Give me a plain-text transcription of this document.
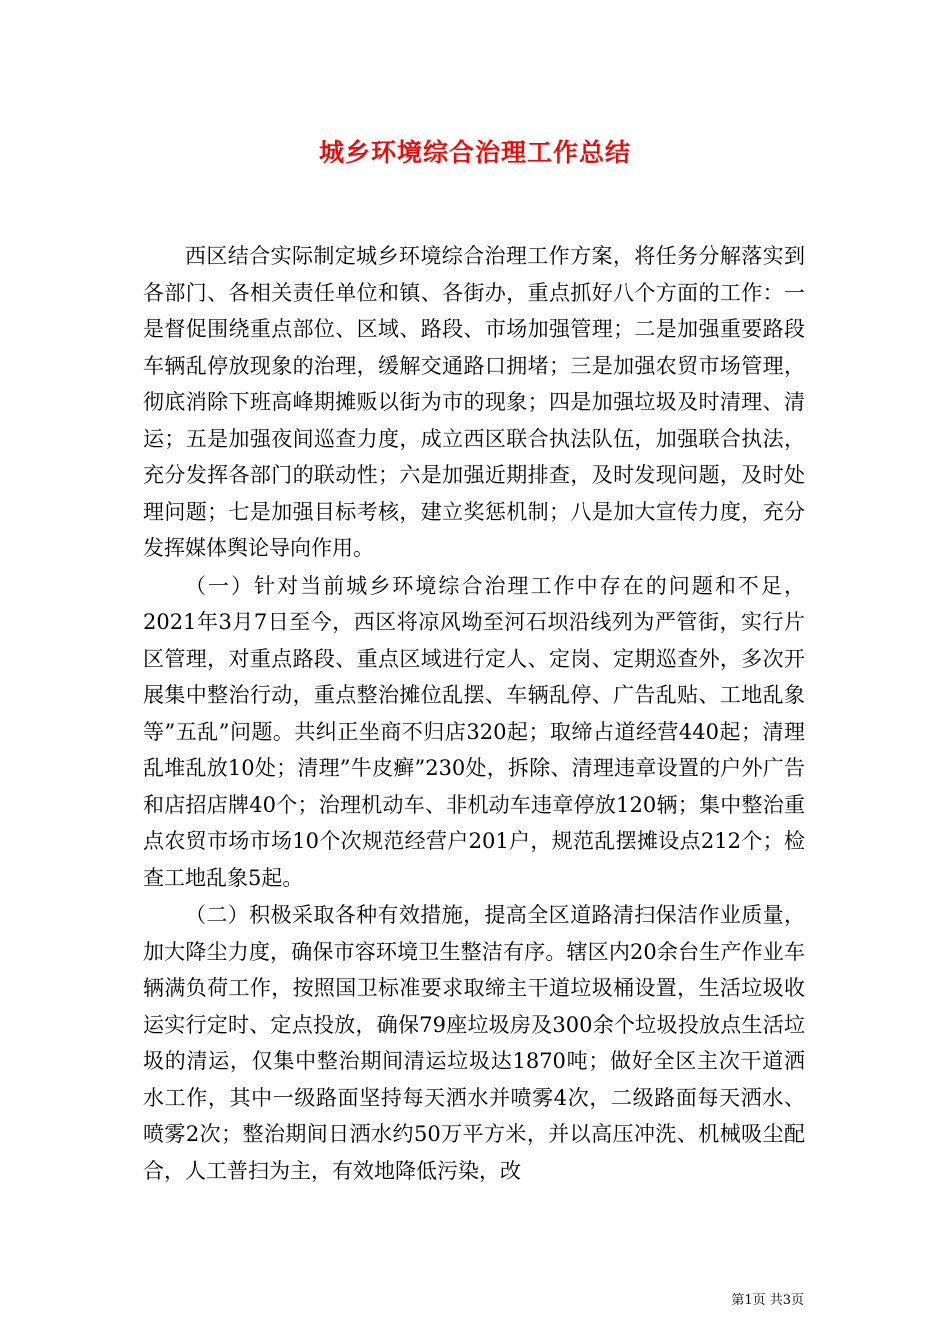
城乡环境综合治理工作总结

西区结合实际制定城乡环境综合治理工作方案，将任务分解落实到各部门、各相关责任单位和镇、各街办，重点抓好八个方面的工作：一是督促围绕重点部位、区域、路段、市场加强管理；二是加强重要路段车辆乱停放现象的治理，缓解交通路口拥堵；三是加强农贸市场管理，彻底消除下班高峰期摊贩以街为市的现象；四是加强垃圾及时清理、清运；五是加强夜间巡查力度，成立西区联合执法队伍，加强联合执法，充分发挥各部门的联动性；六是加强近期排查，及时发现问题，及时处理问题；七是加强目标考核，建立奖惩机制；八是加大宣传力度，充分发挥媒体舆论导向作用。

（一）针对当前城乡环境综合治理工作中存在的问题和不足，2021年3月7日至今，西区将凉风坳至河石坝沿线列为严管街，实行片区管理，对重点路段、重点区域进行定人、定岗、定期巡查外，多次开展集中整治行动，重点整治摊位乱摆、车辆乱停、广告乱贴、工地乱象等”五乱”问题。共纠正坐商不归店320起；取缔占道经营440起；清理乱堆乱放10处；清理”牛皮癣”230处，拆除、清理违章设置的户外广告和店招店牌40个；治理机动车、非机动车违章停放120辆；集中整治重点农贸市场市场10个次规范经营户201户，规范乱摆摊设点212个；检查工地乱象5起。

（二）积极采取各种有效措施，提高全区道路清扫保洁作业质量，加大降尘力度，确保市容环境卫生整洁有序。辖区内20余台生产作业车辆满负荷工作，按照国卫标准要求取缔主干道垃圾桶设置，生活垃圾收运实行定时、定点投放，确保79座垃圾房及300余个垃圾投放点生活垃圾的清运，仅集中整治期间清运垃圾达1870吨；做好全区主次干道洒水工作，其中一级路面坚持每天洒水并喷雾4次，二级路面每天洒水、喷雾2次；整治期间日洒水约50万平方米，并以高压冲洗、机械吸尘配合，人工普扫为主，有效地降低污染，改

第1页 共3页
